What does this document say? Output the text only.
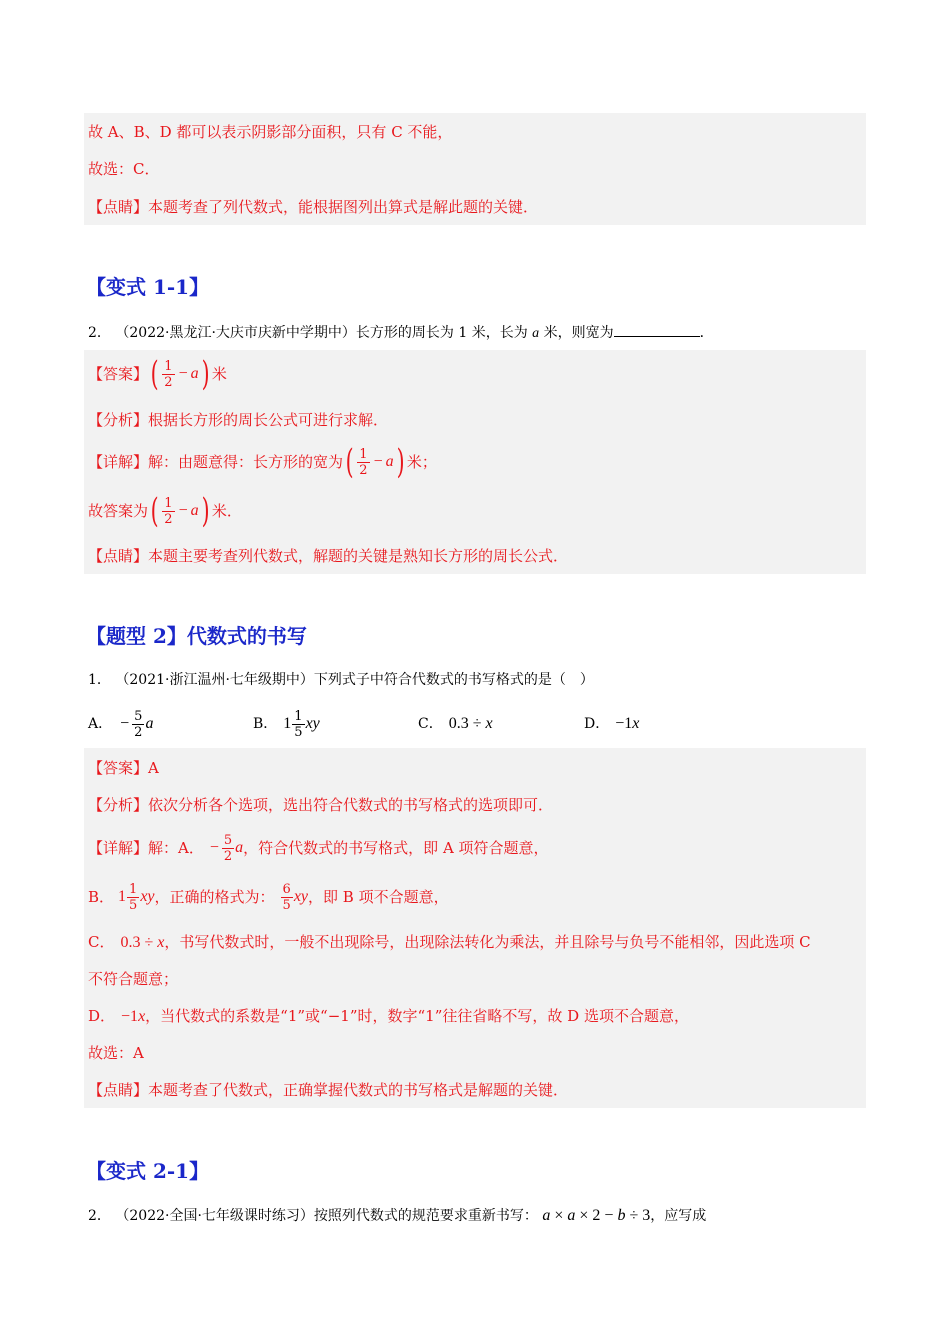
故 A、B、D 都可以表示阴影部分面积，只有 C 不能，
故选：C．
【点睛】本题考查了列代数式，能根据图列出算式是解此题的关键．
【变式 1-1】
2． （2022·黑龙江·大庆市庆新中学期中）长方形的周长为 1 米，长为 a 米，则宽为	．
【答案】 ( 1
2 − a ) 米
【分析】根据长方形的周长公式可进行求解．
【详解】 解：由题意得：长方形的宽为 ( 1
2 − a ) 米；
故答案为 ( 1
2 − a ) 米．
【点睛】本题主要考查列代数式，解题的关键是熟知长方形的周长公式．
【题型 2】代数式的书写
1． （2021·浙江温州·七年级期中）下列式子中符合代数式的书写格式的是（　）
A． − $\frac{5}{2}$ a	B． 1 1
5 xy	C． 0.3 ÷ x	D． −1 x
【答案】A
【分析】依次分析各个选项，选出符合代数式的书写格式的选项即可．
【详解】 解：A． − $\frac{5}{2}$ a ，符合代数式的书写格式，即 A 项符合题意，
B． 1 1
5 xy ，正确的格式为： 6
5 xy ，即 B 项不合题意，
C． 0.3 ÷ x，书写代数式时，一般不出现除号，出现除法转化为乘法，并且除号与负号不能相邻，因此选项 C
不符合题意；
D． −1x，当代数式的系数是“1”或“−1”时，数字“1”往往省略不写，故 D 选项不合题意，
故选：A
【点睛】本题考查了代数式，正确掌握代数式的书写格式是解题的关键．
【变式 2-1】
2． （2022·全国·七年级课时练习）按照列代数式的规范要求重新书写： a × a × 2 − b ÷ 3，应写成
